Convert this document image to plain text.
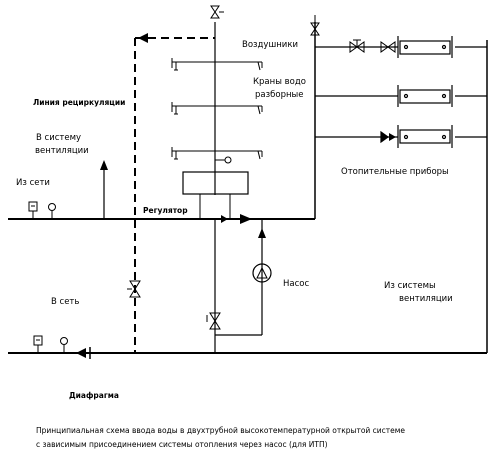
Воздушники
Краны водо
разборные
Линия рециркуляции
В систему
вентиляции
Из сети
Отопительные приборы
Регулятор
Насос	Из системы
вентиляции
В сеть
Диафрагма
Принципиальная схема ввода воды в двухтрубной высокотемпературной открытой системе
с зависимым присоединением системы отопления через насос (для ИТП)
